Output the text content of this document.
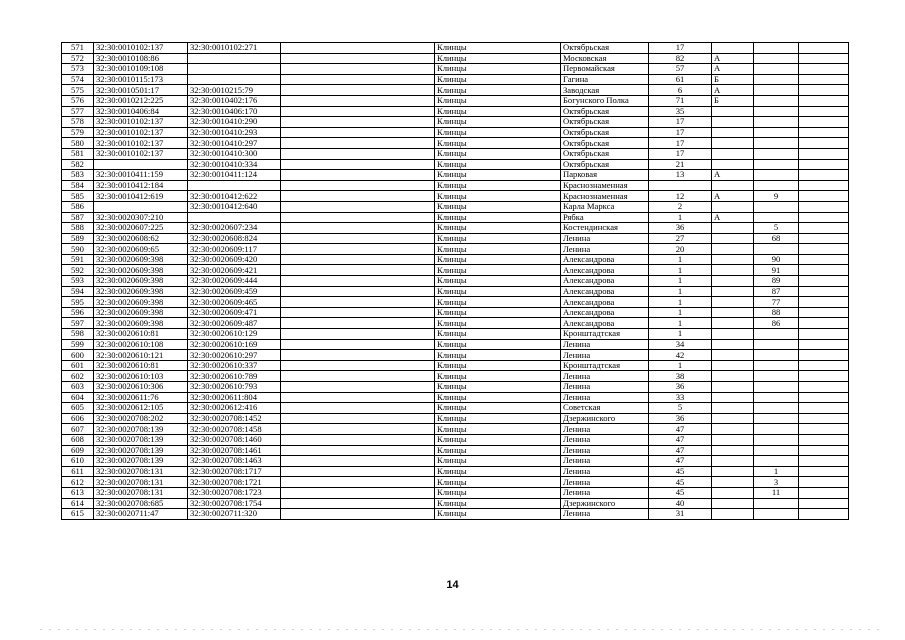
571	32:30:0010102:137	32:30:0010102:271		Клинцы	Октябрьская	17			
572	32:30:0010108:86			Клинцы	Московская	82	А		
573	32:30:0010109:108			Клинцы	Первомайская	57	А		
574	32:30:0010115:173			Клинцы	Гагина	61	Б		
575	32:30:0010501:17	32:30:0010215:79		Клинцы	Заводская	6	А		
576	32:30:0010212:225	32:30:0010402:176		Клинцы	Богунского Полка	71	Б		
577	32:30:0010406:84	32:30:0010406:170		Клинцы	Октябрьская	35			
578	32:30:0010102:137	32:30:0010410:290		Клинцы	Октябрьская	17			
579	32:30:0010102:137	32:30:0010410:293		Клинцы	Октябрьская	17			
580	32:30:0010102:137	32:30:0010410:297		Клинцы	Октябрьская	17			
581	32:30:0010102:137	32:30:0010410:300		Клинцы	Октябрьская	17			
582		32:30:0010410:334		Клинцы	Октябрьская	21			
583	32:30:0010411:159	32:30:0010411:124		Клинцы	Парковая	13	А		
584	32:30:0010412:184			Клинцы	Краснознаменная				
585	32:30:0010412:619	32:30:0010412:622		Клинцы	Краснознаменная	12	А	9	
586		32:30:0010412:640		Клинцы	Карла Маркса	2			
587	32:30:0020307:210			Клинцы	Рябка	1	А		
588	32:30:0020607:225	32:30:0020607:234		Клинцы	Костендинская	36		5	
589	32:30:0020608:62	32:30:0020608:824		Клинцы	Ленина	27		68	
590	32:30:0020609:65	32:30:0020609:117		Клинцы	Ленина	20			
591	32:30:0020609:398	32:30:0020609:420		Клинцы	Александрова	1		90	
592	32:30:0020609:398	32:30:0020609:421		Клинцы	Александрова	1		91	
593	32:30:0020609:398	32:30:0020609:444		Клинцы	Александрова	1		89	
594	32:30:0020609:398	32:30:0020609:459		Клинцы	Александрова	1		87	
595	32:30:0020609:398	32:30:0020609:465		Клинцы	Александрова	1		77	
596	32:30:0020609:398	32:30:0020609:471		Клинцы	Александрова	1		88	
597	32:30:0020609:398	32:30:0020609:487		Клинцы	Александрова	1		86	
598	32:30:0020610:81	32:30:0020610:129		Клинцы	Кронштадтская	1			
599	32:30:0020610:108	32:30:0020610:169		Клинцы	Ленина	34			
600	32:30:0020610:121	32:30:0020610:297		Клинцы	Ленина	42			
601	32:30:0020610:81	32:30:0020610:337		Клинцы	Кронштадтская	1			
602	32:30:0020610:103	32:30:0020610:789		Клинцы	Ленина	38			
603	32:30:0020610:306	32:30:0020610:793		Клинцы	Ленина	36			
604	32:30:0020611:76	32:30:0020611:804		Клинцы	Ленина	33			
605	32:30:0020612:105	32:30:0020612:416		Клинцы	Советская	5			
606	32:30:0020708:202	32:30:0020708:1452		Клинцы	Дзержинского	36			
607	32:30:0020708:139	32:30:0020708:1458		Клинцы	Ленина	47			
608	32:30:0020708:139	32:30:0020708:1460		Клинцы	Ленина	47			
609	32:30:0020708:139	32:30:0020708:1461		Клинцы	Ленина	47			
610	32:30:0020708:139	32:30:0020708:1463		Клинцы	Ленина	47			
611	32:30:0020708:131	32:30:0020708:1717		Клинцы	Ленина	45		1	
612	32:30:0020708:131	32:30:0020708:1721		Клинцы	Ленина	45		3	
613	32:30:0020708:131	32:30:0020708:1723		Клинцы	Ленина	45		11	
614	32:30:0020708:685	32:30:0020708:1754		Клинцы	Дзержинского	40			
615	32:30:0020711:47	32:30:0020711:320		Клинцы	Ленина	31			
14
